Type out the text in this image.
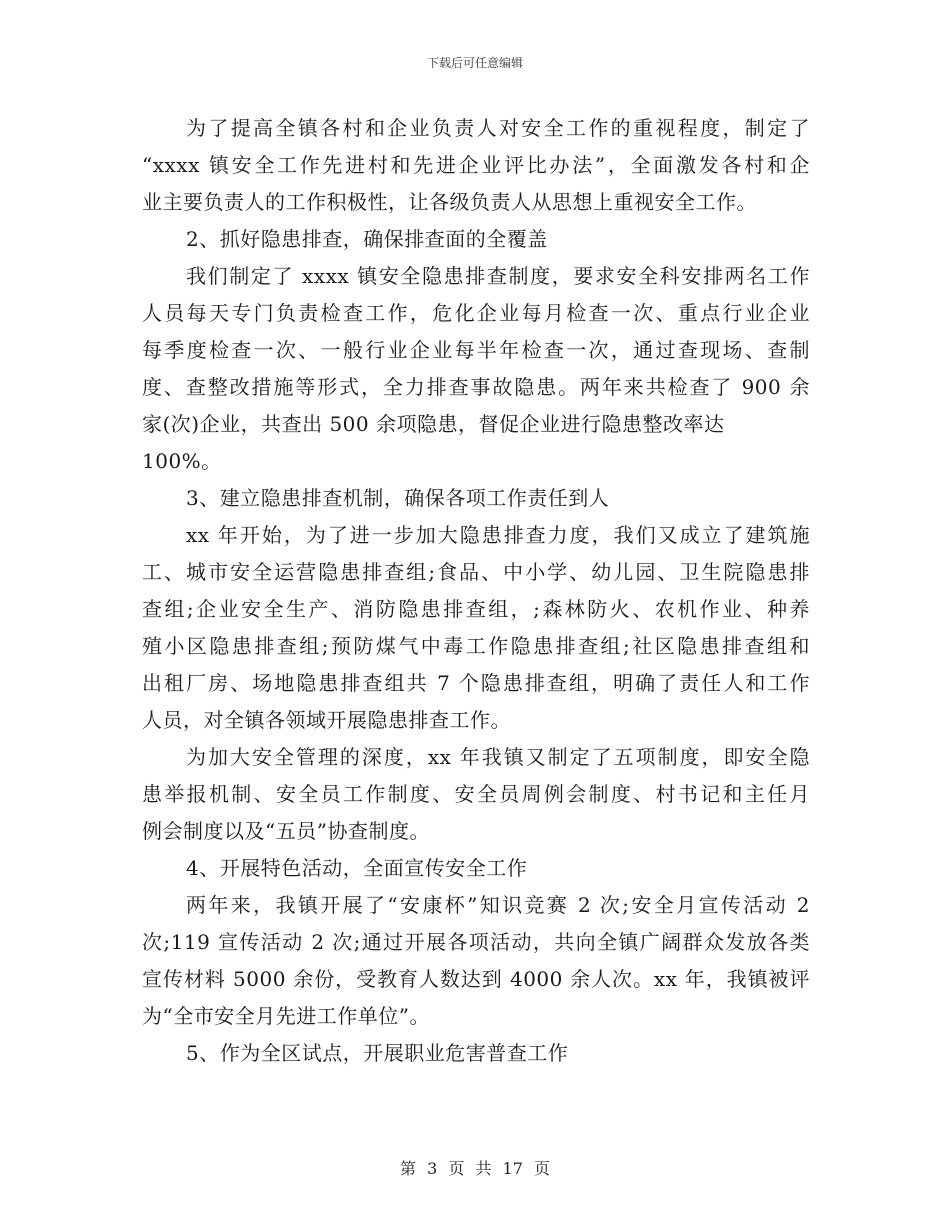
下载后可任意编辑
为了提高全镇各村和企业负责人对安全工作的重视程度，制定了
“xxxx 镇安全工作先进村和先进企业评比办法”，全面激发各村和企
业主要负责人的工作积极性，让各级负责人从思想上重视安全工作。
2、抓好隐患排查，确保排查面的全覆盖
我们制定了 xxxx 镇安全隐患排查制度，要求安全科安排两名工作
人员每天专门负责检查工作，危化企业每月检查一次、重点行业企业
每季度检查一次、一般行业企业每半年检查一次，通过查现场、查制
度、查整改措施等形式，全力排查事故隐患。两年来共检查了 900 余
家(次)企业，共查出 500 余项隐患，督促企业进行隐患整改率达
100%。
3、建立隐患排查机制，确保各项工作责任到人
xx 年开始，为了进一步加大隐患排查力度，我们又成立了建筑施
工、城市安全运营隐患排查组;食品、中小学、幼儿园、卫生院隐患排
查组;企业安全生产、消防隐患排查组，;森林防火、农机作业、种养
殖小区隐患排查组;预防煤气中毒工作隐患排查组;社区隐患排查组和
出租厂房、场地隐患排查组共 7 个隐患排查组，明确了责任人和工作
人员，对全镇各领域开展隐患排查工作。
为加大安全管理的深度，xx 年我镇又制定了五项制度，即安全隐
患举报机制、安全员工作制度、安全员周例会制度、村书记和主任月
例会制度以及“五员”协查制度。
4、开展特色活动，全面宣传安全工作
两年来，我镇开展了“安康杯”知识竞赛 2 次;安全月宣传活动 2
次;119 宣传活动 2 次;通过开展各项活动，共向全镇广阔群众发放各类
宣传材料 5000 余份，受教育人数达到 4000 余人次。xx 年，我镇被评
为“全市安全月先进工作单位”。
5、作为全区试点，开展职业危害普查工作
第 3 页 共 17 页
